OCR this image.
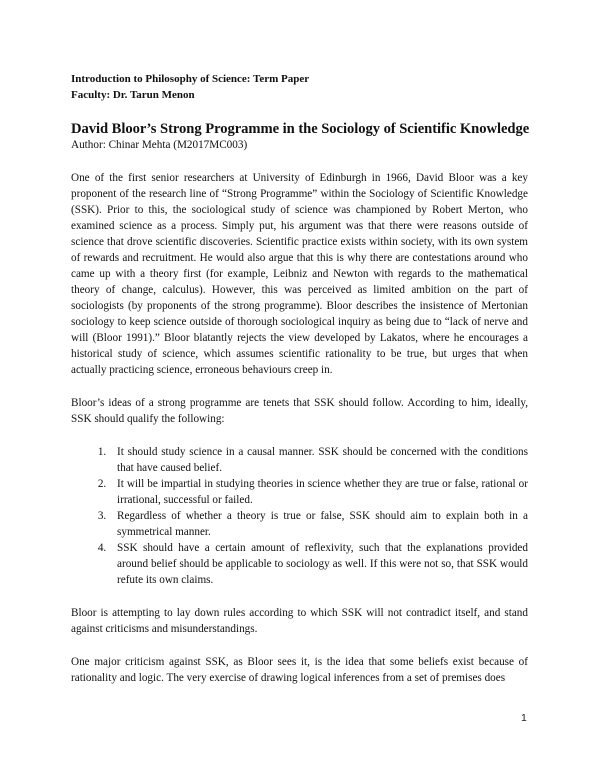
Introduction to Philosophy of Science: Term Paper
Faculty: Dr. Tarun Menon
David Bloor’s Strong Programme in the Sociology of Scientific Knowledge
Author: Chinar Mehta (M2017MC003)

One of the first senior researchers at University of Edinburgh in 1966, David Bloor was a key proponent of the research line of “Strong Programme” within the Sociology of Scientific Knowledge (SSK). Prior to this, the sociological study of science was championed by Robert Merton, who examined science as a process. Simply put, his argument was that there were reasons outside of science that drove scientific discoveries. Scientific practice exists within society, with its own system of rewards and recruitment. He would also argue that this is why there are contestations around who came up with a theory first (for example, Leibniz and Newton with regards to the mathematical theory of change, calculus). However, this was perceived as limited ambition on the part of sociologists (by proponents of the strong programme). Bloor describes the insistence of Mertonian sociology to keep science outside of thorough sociological inquiry as being due to “lack of nerve and will (Bloor 1991).” Bloor blatantly rejects the view developed by Lakatos, where he encourages a historical study of science, which assumes scientific rationality to be true, but urges that when actually practicing science, erroneous behaviours creep in.

Bloor’s ideas of a strong programme are tenets that SSK should follow. According to him, ideally, SSK should qualify the following:

1. It should study science in a causal manner. SSK should be concerned with the conditions that have caused belief.
2. It will be impartial in studying theories in science whether they are true or false, rational or irrational, successful or failed.
3. Regardless of whether a theory is true or false, SSK should aim to explain both in a symmetrical manner.
4. SSK should have a certain amount of reflexivity, such that the explanations provided around belief should be applicable to sociology as well. If this were not so, that SSK would refute its own claims.

Bloor is attempting to lay down rules according to which SSK will not contradict itself, and stand against criticisms and misunderstandings.

One major criticism against SSK, as Bloor sees it, is the idea that some beliefs exist because of rationality and logic. The very exercise of drawing logical inferences from a set of premises does

1
